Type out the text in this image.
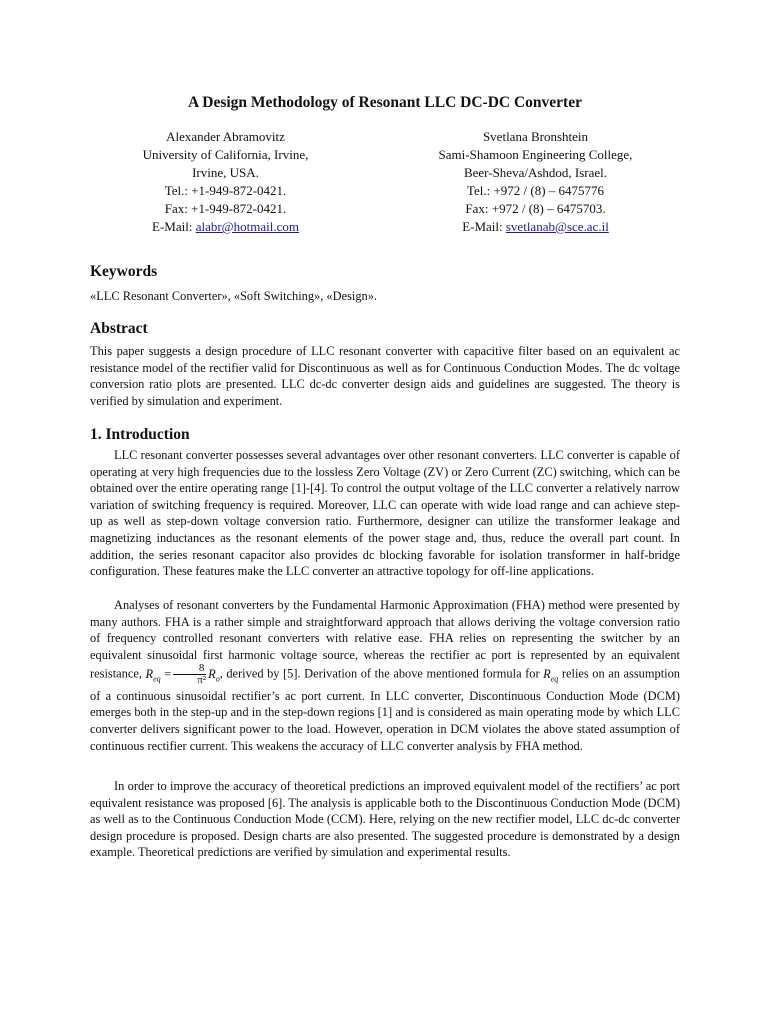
A Design Methodology of Resonant LLC DC-DC Converter
Alexander Abramovitz
University of California, Irvine,
Irvine, USA.
Tel.: +1-949-872-0421.
Fax: +1-949-872-0421.
E-Mail: alabr@hotmail.com
Svetlana Bronshtein
Sami-Shamoon Engineering College,
Beer-Sheva/Ashdod, Israel.
Tel.: +972 / (8) – 6475776
Fax: +972 / (8) – 6475703.
E-Mail: svetlanab@sce.ac.il
Keywords

«LLC Resonant Converter», «Soft Switching», «Design».

Abstract

This paper suggests a design procedure of LLC resonant converter with capacitive filter based on an equivalent ac resistance model of the rectifier valid for Discontinuous as well as for Continuous Conduction Modes. The dc voltage conversion ratio plots are presented. LLC dc-dc converter design aids and guidelines are suggested. The theory is verified by simulation and experiment.

1. Introduction

LLC resonant converter possesses several advantages over other resonant converters. LLC converter is capable of operating at very high frequencies due to the lossless Zero Voltage (ZV) or Zero Current (ZC) switching, which can be obtained over the entire operating range [1]-[4]. To control the output voltage of the LLC converter a relatively narrow variation of switching frequency is required. Moreover, LLC can operate with wide load range and can achieve step-up as well as step-down voltage conversion ratio. Furthermore, designer can utilize the transformer leakage and magnetizing inductances as the resonant elements of the power stage and, thus, reduce the overall part count. In addition, the series resonant capacitor also provides dc blocking favorable for isolation transformer in half-bridge configuration. These features make the LLC converter an attractive topology for off-line applications.

Analyses of resonant converters by the Fundamental Harmonic Approximation (FHA) method were presented by many authors. FHA is a rather simple and straightforward approach that allows deriving the voltage conversion ratio of frequency controlled resonant converters with relative ease. FHA relies on representing the switcher by an equivalent sinusoidal first harmonic voltage source, whereas the rectifier ac port is represented by an equivalent resistance, $R_{eq} = \frac{8}{\text{π²}} R_o$, derived by [5]. Derivation of the above mentioned formula for $R_{eq}$ relies on an assumption of a continuous sinusoidal rectifier’s ac port current. In LLC converter, Discontinuous Conduction Mode (DCM) emerges both in the step-up and in the step-down regions [1] and is considered as main operating mode by which LLC converter delivers significant power to the load. However, operation in DCM violates the above stated assumption of continuous rectifier current. This weakens the accuracy of LLC converter analysis by FHA method.

In order to improve the accuracy of theoretical predictions an improved equivalent model of the rectifiers’ ac port equivalent resistance was proposed [6]. The analysis is applicable both to the Discontinuous Conduction Mode (DCM) as well as to the Continuous Conduction Mode (CCM). Here, relying on the new rectifier model, LLC dc-dc converter design procedure is proposed. Design charts are also presented. The suggested procedure is demonstrated by a design example. Theoretical predictions are verified by simulation and experimental results.
